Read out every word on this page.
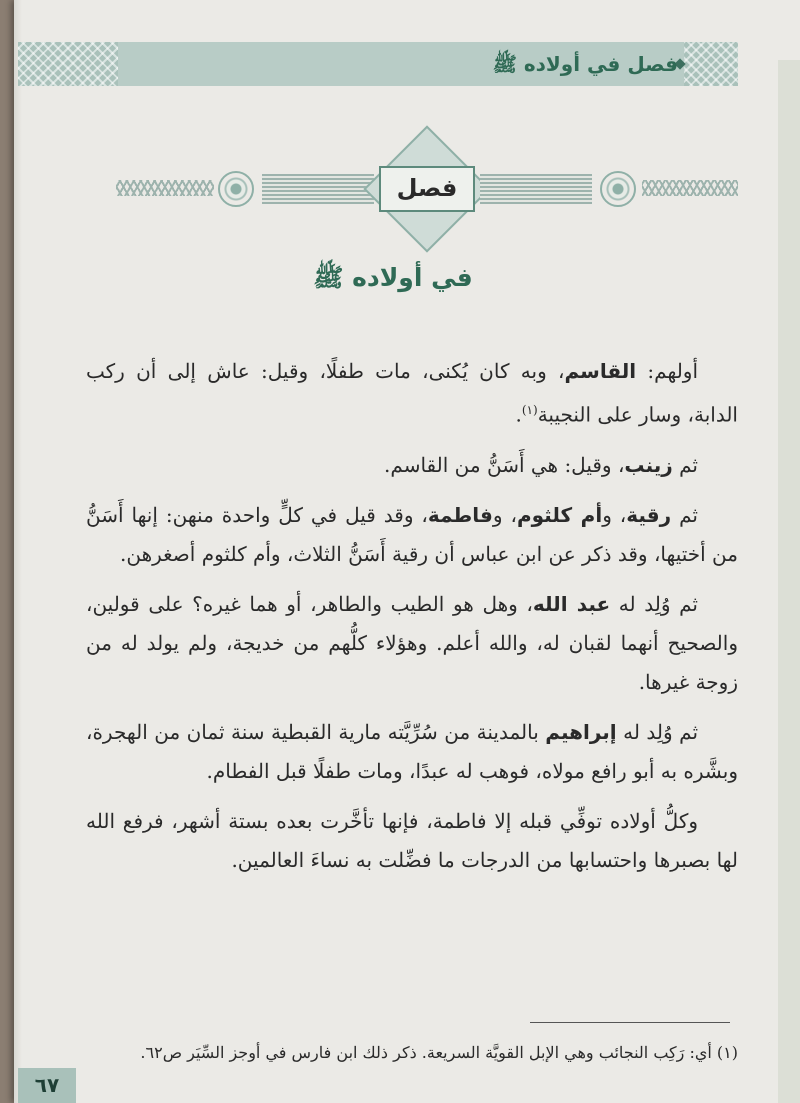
فصل في أولاده ﷺ
فصل
في أولاده ﷺ

أولهم: القاسم، وبه كان يُكنى، مات طفلًا، وقيل: عاش إلى أن ركب الدابة، وسار على النجيبة$^{(١)}$.

ثم زينب، وقيل: هي أَسَنُّ من القاسم.

ثم رقية، وأم كلثوم، وفاطمة، وقد قيل في كلٍّ واحدة منهن: إنها أَسَنُّ من أختيها، وقد ذكر عن ابن عباس أن رقية أَسَنُّ الثلاث، وأم كلثوم أصغرهن.

ثم وُلِد له عبد الله، وهل هو الطيب والطاهر، أو هما غيره؟ على قولين، والصحيح أنهما لقبان له، والله أعلم. وهؤلاء كلُّهم من خديجة، ولم يولد له من زوجة غيرها.

ثم وُلِد له إبراهيم بالمدينة من سُرِّيَّته مارية القبطية سنة ثمان من الهجرة، وبشَّره به أبو رافع مولاه، فوهب له عبدًا، ومات طفلًا قبل الفطام.

وكلُّ أولاده توفِّي قبله إلا فاطمة، فإنها تأخَّرت بعده بستة أشهر، فرفع الله لها بصبرها واحتسابها من الدرجات ما فضِّلت به نساءَ العالمين.

(١) أي: رَكِب النجائب وهي الإبل القويَّة السريعة. ذكر ذلك ابن فارس في أوجز السِّيَر ص٦٢.
٦٧
